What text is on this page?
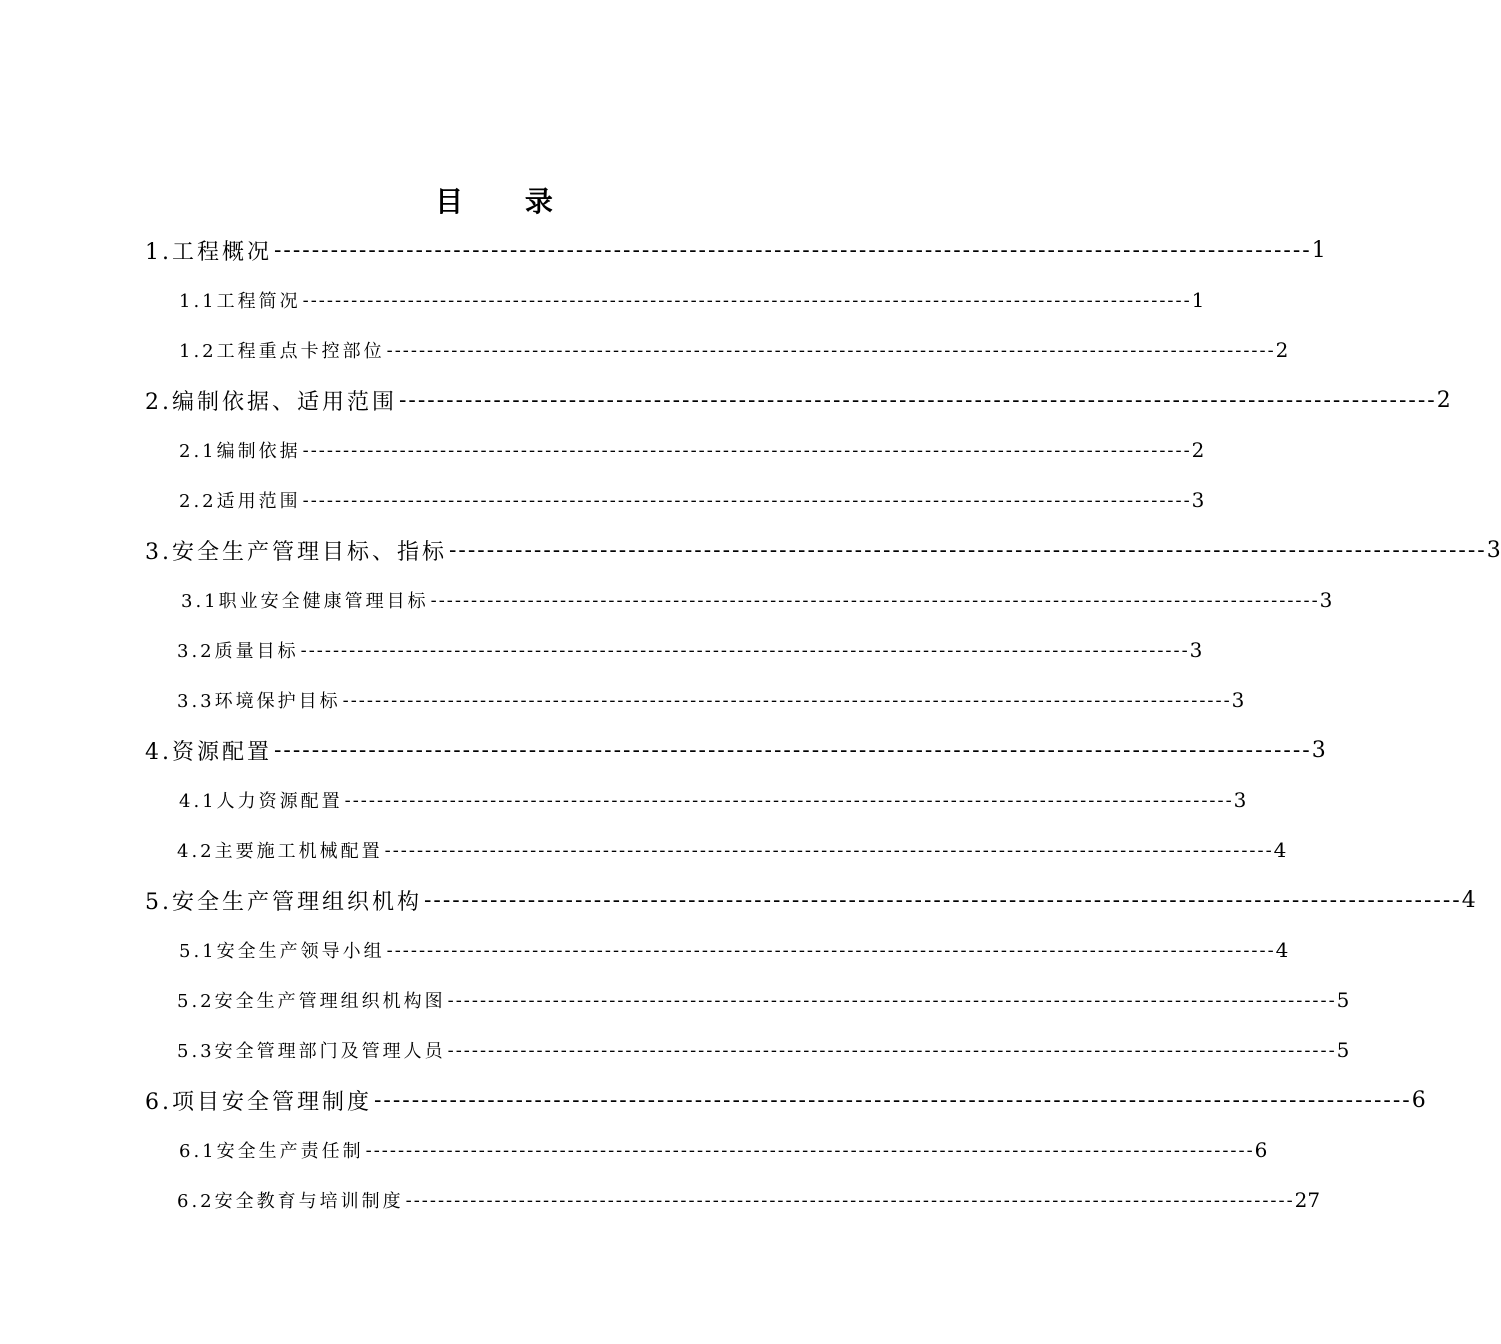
目 录
1.工程概况 -------------------------------------------------------------------------------------------------------------- 1
1.1工程简况 -------------------------------------------------------------------------------------------------------------- 1
1.2工程重点卡控部位 -------------------------------------------------------------------------------------------------------------- 2
2.编制依据、适用范围 -------------------------------------------------------------------------------------------------------------- 2
2.1编制依据 -------------------------------------------------------------------------------------------------------------- 2
2.2适用范围 -------------------------------------------------------------------------------------------------------------- 3
3.安全生产管理目标、指标 -------------------------------------------------------------------------------------------------------------- 3
3.1职业安全健康管理目标 -------------------------------------------------------------------------------------------------------------- 3
3.2质量目标 -------------------------------------------------------------------------------------------------------------- 3
3.3环境保护目标 -------------------------------------------------------------------------------------------------------------- 3
4.资源配置 -------------------------------------------------------------------------------------------------------------- 3
4.1人力资源配置 -------------------------------------------------------------------------------------------------------------- 3
4.2主要施工机械配置 -------------------------------------------------------------------------------------------------------------- 4
5.安全生产管理组织机构 -------------------------------------------------------------------------------------------------------------- 4
5.1安全生产领导小组 -------------------------------------------------------------------------------------------------------------- 4
5.2安全生产管理组织机构图 -------------------------------------------------------------------------------------------------------------- 5
5.3安全管理部门及管理人员 -------------------------------------------------------------------------------------------------------------- 5
6.项目安全管理制度 -------------------------------------------------------------------------------------------------------------- 6
6.1安全生产责任制 -------------------------------------------------------------------------------------------------------------- 6
6.2安全教育与培训制度 -------------------------------------------------------------------------------------------------------------- 27
